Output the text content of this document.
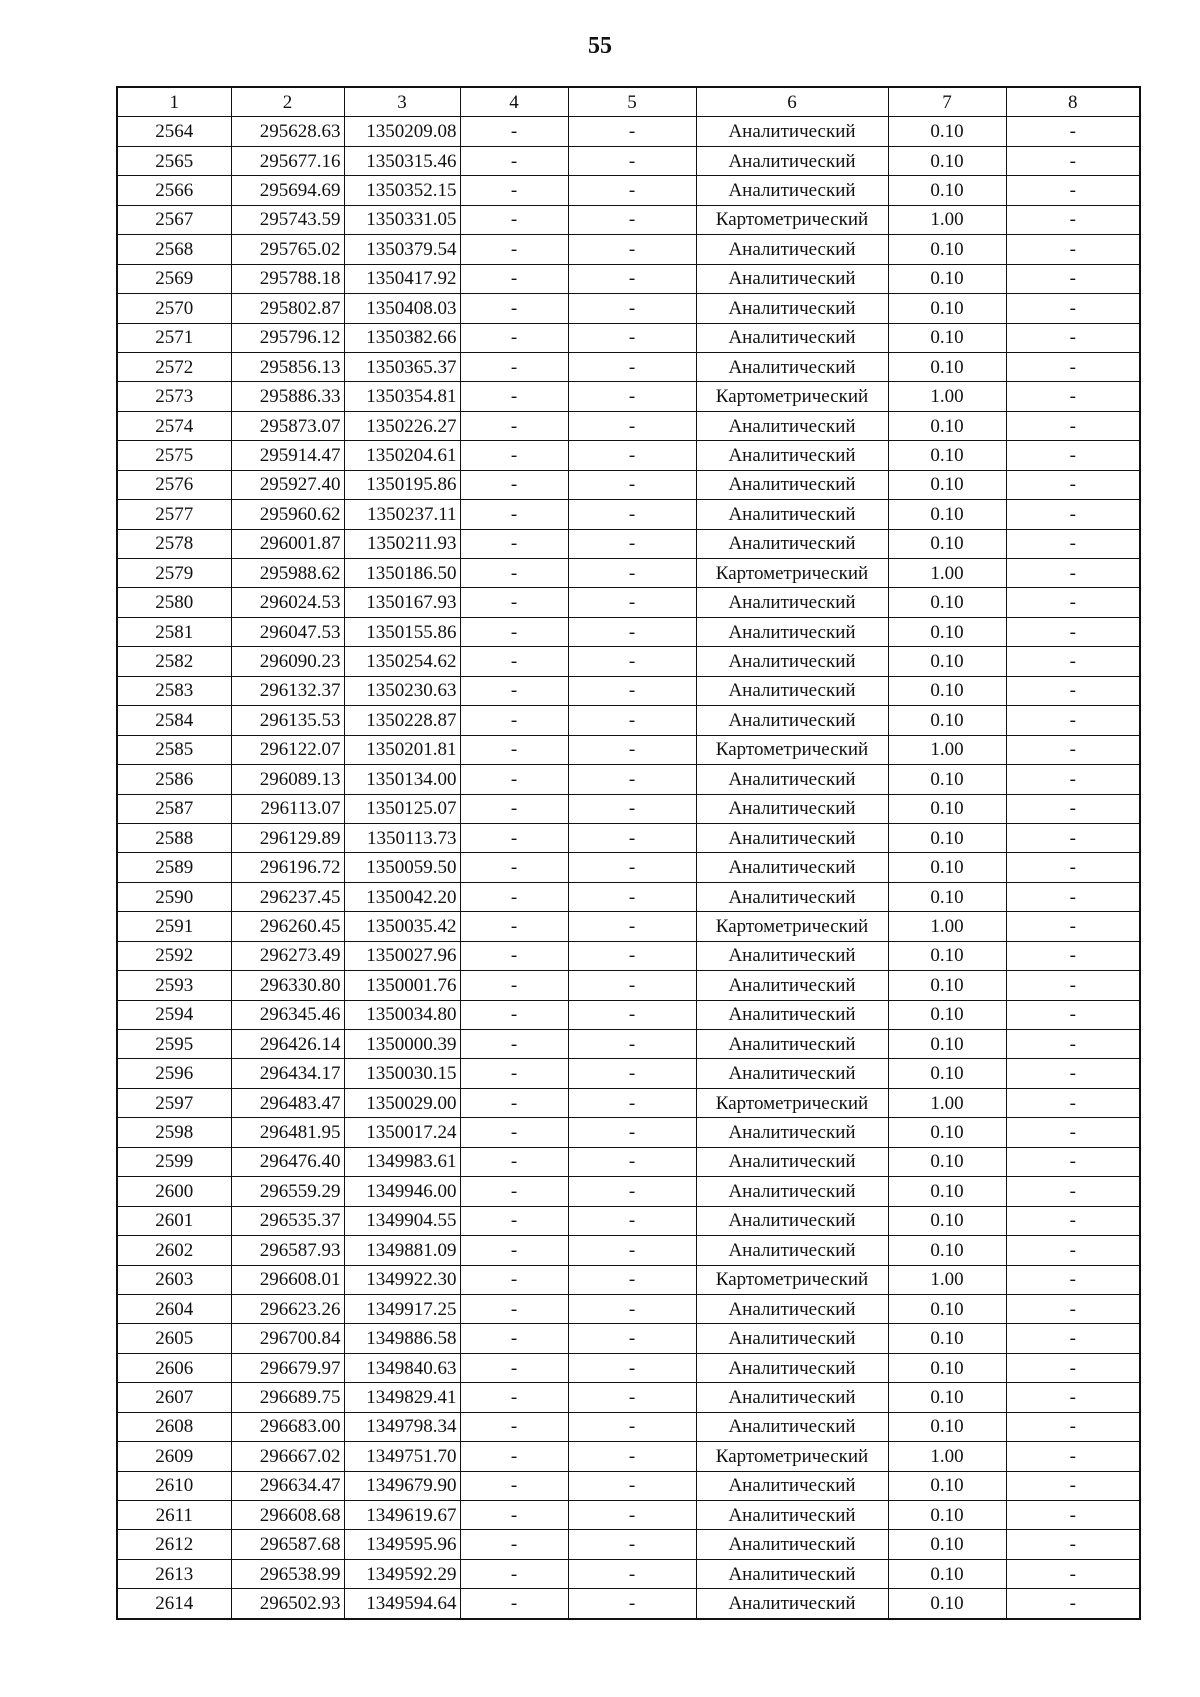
55
1	2	3	4	5	6	7	8
2564	295628.63	1350209.08	-	-	Аналитический	0.10	-
2565	295677.16	1350315.46	-	-	Аналитический	0.10	-
2566	295694.69	1350352.15	-	-	Аналитический	0.10	-
2567	295743.59	1350331.05	-	-	Картометрический	1.00	-
2568	295765.02	1350379.54	-	-	Аналитический	0.10	-
2569	295788.18	1350417.92	-	-	Аналитический	0.10	-
2570	295802.87	1350408.03	-	-	Аналитический	0.10	-
2571	295796.12	1350382.66	-	-	Аналитический	0.10	-
2572	295856.13	1350365.37	-	-	Аналитический	0.10	-
2573	295886.33	1350354.81	-	-	Картометрический	1.00	-
2574	295873.07	1350226.27	-	-	Аналитический	0.10	-
2575	295914.47	1350204.61	-	-	Аналитический	0.10	-
2576	295927.40	1350195.86	-	-	Аналитический	0.10	-
2577	295960.62	1350237.11	-	-	Аналитический	0.10	-
2578	296001.87	1350211.93	-	-	Аналитический	0.10	-
2579	295988.62	1350186.50	-	-	Картометрический	1.00	-
2580	296024.53	1350167.93	-	-	Аналитический	0.10	-
2581	296047.53	1350155.86	-	-	Аналитический	0.10	-
2582	296090.23	1350254.62	-	-	Аналитический	0.10	-
2583	296132.37	1350230.63	-	-	Аналитический	0.10	-
2584	296135.53	1350228.87	-	-	Аналитический	0.10	-
2585	296122.07	1350201.81	-	-	Картометрический	1.00	-
2586	296089.13	1350134.00	-	-	Аналитический	0.10	-
2587	296113.07	1350125.07	-	-	Аналитический	0.10	-
2588	296129.89	1350113.73	-	-	Аналитический	0.10	-
2589	296196.72	1350059.50	-	-	Аналитический	0.10	-
2590	296237.45	1350042.20	-	-	Аналитический	0.10	-
2591	296260.45	1350035.42	-	-	Картометрический	1.00	-
2592	296273.49	1350027.96	-	-	Аналитический	0.10	-
2593	296330.80	1350001.76	-	-	Аналитический	0.10	-
2594	296345.46	1350034.80	-	-	Аналитический	0.10	-
2595	296426.14	1350000.39	-	-	Аналитический	0.10	-
2596	296434.17	1350030.15	-	-	Аналитический	0.10	-
2597	296483.47	1350029.00	-	-	Картометрический	1.00	-
2598	296481.95	1350017.24	-	-	Аналитический	0.10	-
2599	296476.40	1349983.61	-	-	Аналитический	0.10	-
2600	296559.29	1349946.00	-	-	Аналитический	0.10	-
2601	296535.37	1349904.55	-	-	Аналитический	0.10	-
2602	296587.93	1349881.09	-	-	Аналитический	0.10	-
2603	296608.01	1349922.30	-	-	Картометрический	1.00	-
2604	296623.26	1349917.25	-	-	Аналитический	0.10	-
2605	296700.84	1349886.58	-	-	Аналитический	0.10	-
2606	296679.97	1349840.63	-	-	Аналитический	0.10	-
2607	296689.75	1349829.41	-	-	Аналитический	0.10	-
2608	296683.00	1349798.34	-	-	Аналитический	0.10	-
2609	296667.02	1349751.70	-	-	Картометрический	1.00	-
2610	296634.47	1349679.90	-	-	Аналитический	0.10	-
2611	296608.68	1349619.67	-	-	Аналитический	0.10	-
2612	296587.68	1349595.96	-	-	Аналитический	0.10	-
2613	296538.99	1349592.29	-	-	Аналитический	0.10	-
2614	296502.93	1349594.64	-	-	Аналитический	0.10	-
